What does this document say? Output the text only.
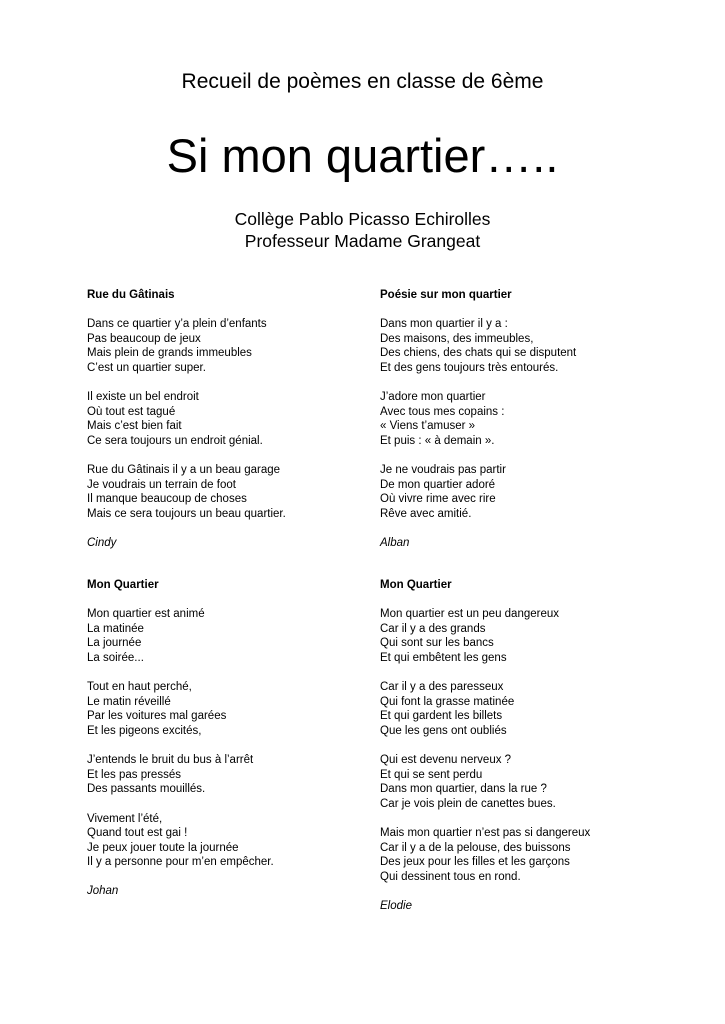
Recueil de poèmes en classe de 6ème
Si mon quartier…..
Collège Pablo Picasso Echirolles
Professeur Madame Grangeat
Rue du Gâtinais
Dans ce quartier y’a plein d’enfants
Pas beaucoup de jeux
Mais plein de grands immeubles
C’est un quartier super.
Il existe un bel endroit
Où tout est tagué
Mais c’est bien fait
Ce sera toujours un endroit génial.
Rue du Gâtinais il y a un beau garage
Je voudrais un terrain de foot
Il manque beaucoup de choses
Mais ce sera toujours un beau quartier.
Cindy
Poésie sur mon quartier
Dans mon quartier il y a :
Des maisons, des immeubles,
Des chiens, des chats qui se disputent
Et des gens toujours très entourés.
J’adore mon quartier
Avec tous mes copains :
« Viens t’amuser »
Et puis : « à demain ».
Je ne voudrais pas partir
De mon quartier adoré
Où vivre rime avec rire
Rêve avec amitié.
Alban
Mon Quartier
Mon quartier est animé
La matinée
La journée
La soirée...
Tout en haut perché,
Le matin réveillé
Par les voitures mal garées
Et les pigeons excités,
J’entends le bruit du bus à l’arrêt
Et les pas pressés
Des passants mouillés.
Vivement l’été,
Quand tout est gai !
Je peux jouer toute la journée
Il y a personne pour m’en empêcher.
Johan
Mon Quartier
Mon quartier est un peu dangereux
Car il y a des grands
Qui sont sur les bancs
Et qui embêtent les gens
Car il y a des paresseux
Qui font la grasse matinée
Et qui gardent les billets
Que les gens ont oubliés
Qui est devenu nerveux ?
Et qui se sent perdu
Dans mon quartier, dans la rue ?
Car je vois plein de canettes bues.
Mais mon quartier n’est pas si dangereux
Car il y a de la pelouse, des buissons
Des jeux pour les filles et les garçons
Qui dessinent tous en rond.
Elodie
